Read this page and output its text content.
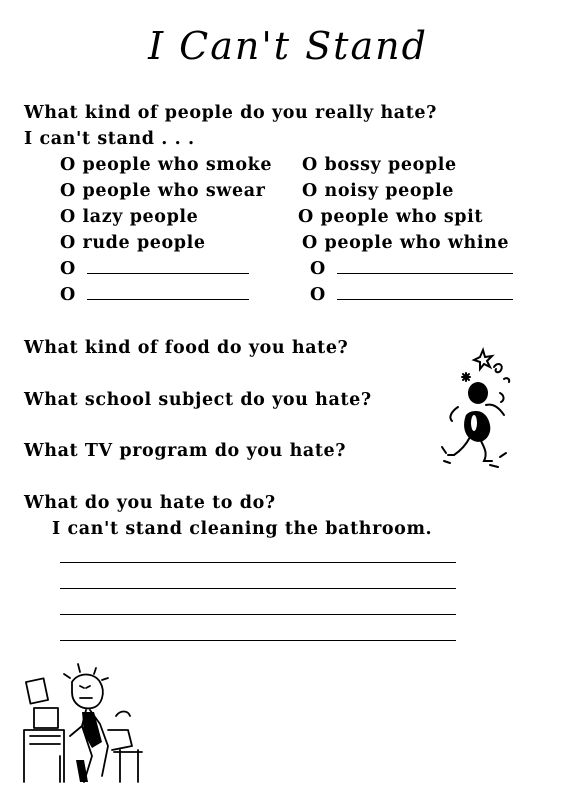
I Can't Stand
What kind of people do you really hate?
I can't stand . . .
O people who smoke
O people who swear
O lazy people
O rude people
O bossy people
O noisy people
O people who spit
O people who whine
O
O
O
O
What kind of food do you hate?
What school subject do you hate?
What TV program do you hate?
What do you hate to do?
I can't stand cleaning the bathroom.
